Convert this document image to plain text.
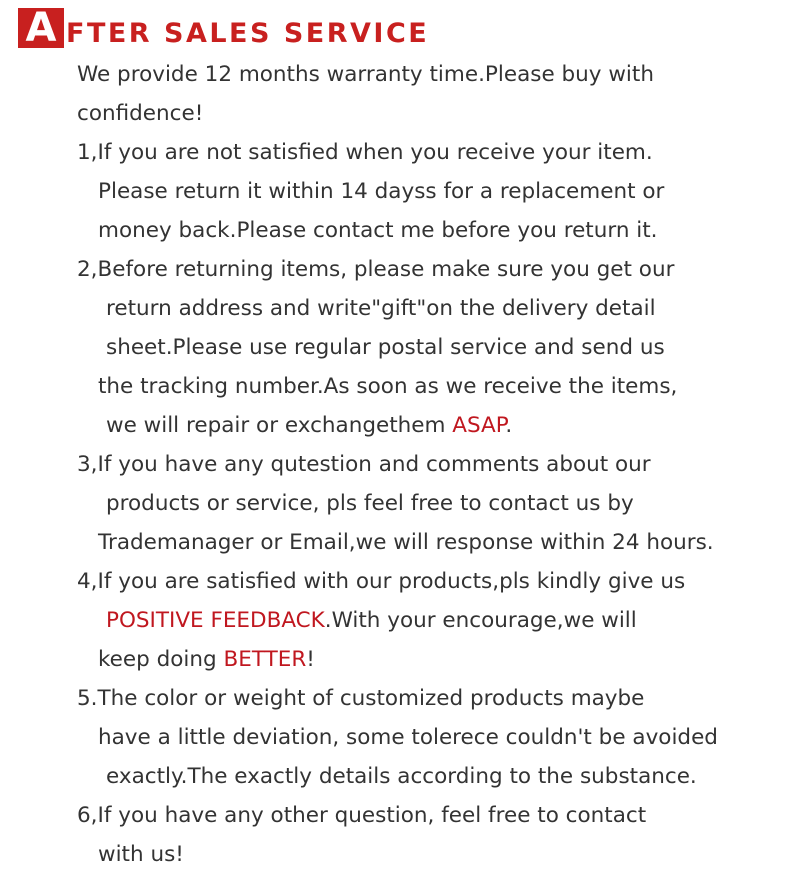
A FTER SALES SERVICE
We provide 12 months warranty time.Please buy with
confidence!
1,If you are not satisfied when you receive your item.
Please return it within 14 dayss for a replacement or
money back.Please contact me before you return it.
2,Before returning items, please make sure you get our
return address and write"gift"on the delivery detail
sheet.Please use regular postal service and send us
the tracking number.As soon as we receive the items,
we will repair or exchangethem ASAP.
3,If you have any qutestion and comments about our
products or service, pls feel free to contact us by
Trademanager or Email,we will response within 24 hours.
4,If you are satisfied with our products,pls kindly give us
POSITIVE FEEDBACK.With your encourage,we will
keep doing BETTER!
5.The color or weight of customized products maybe
have a little deviation, some tolerece couldn't be avoided
exactly.The exactly details according to the substance.
6,If you have any other question, feel free to contact
with us!
